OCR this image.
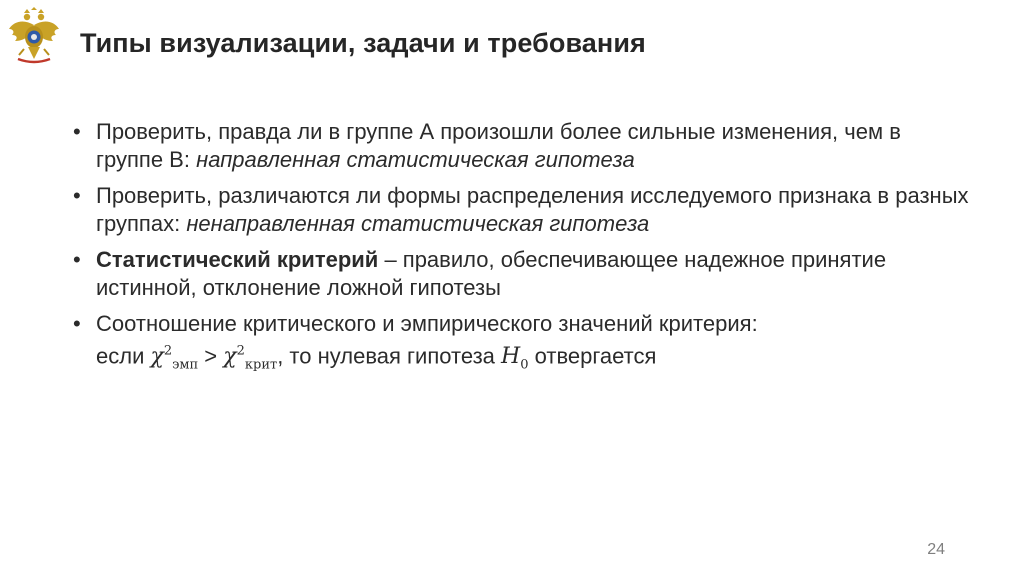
Типы визуализации, задачи и требования
• Проверить, правда ли в группе А произошли более сильные изменения, чем в группе В: направленная статистическая гипотеза
• Проверить, различаются ли формы распределения исследуемого признака в разных группах: ненаправленная статистическая гипотеза
• Статистический критерий – правило, обеспечивающее надежное принятие истинной, отклонение ложной гипотезы
• Соотношение критического и эмпирического значений критерия:
если $\chi^2_{эмп} > \chi^2_{крит}$, то нулевая гипотеза $H_0$ отвергается
24
